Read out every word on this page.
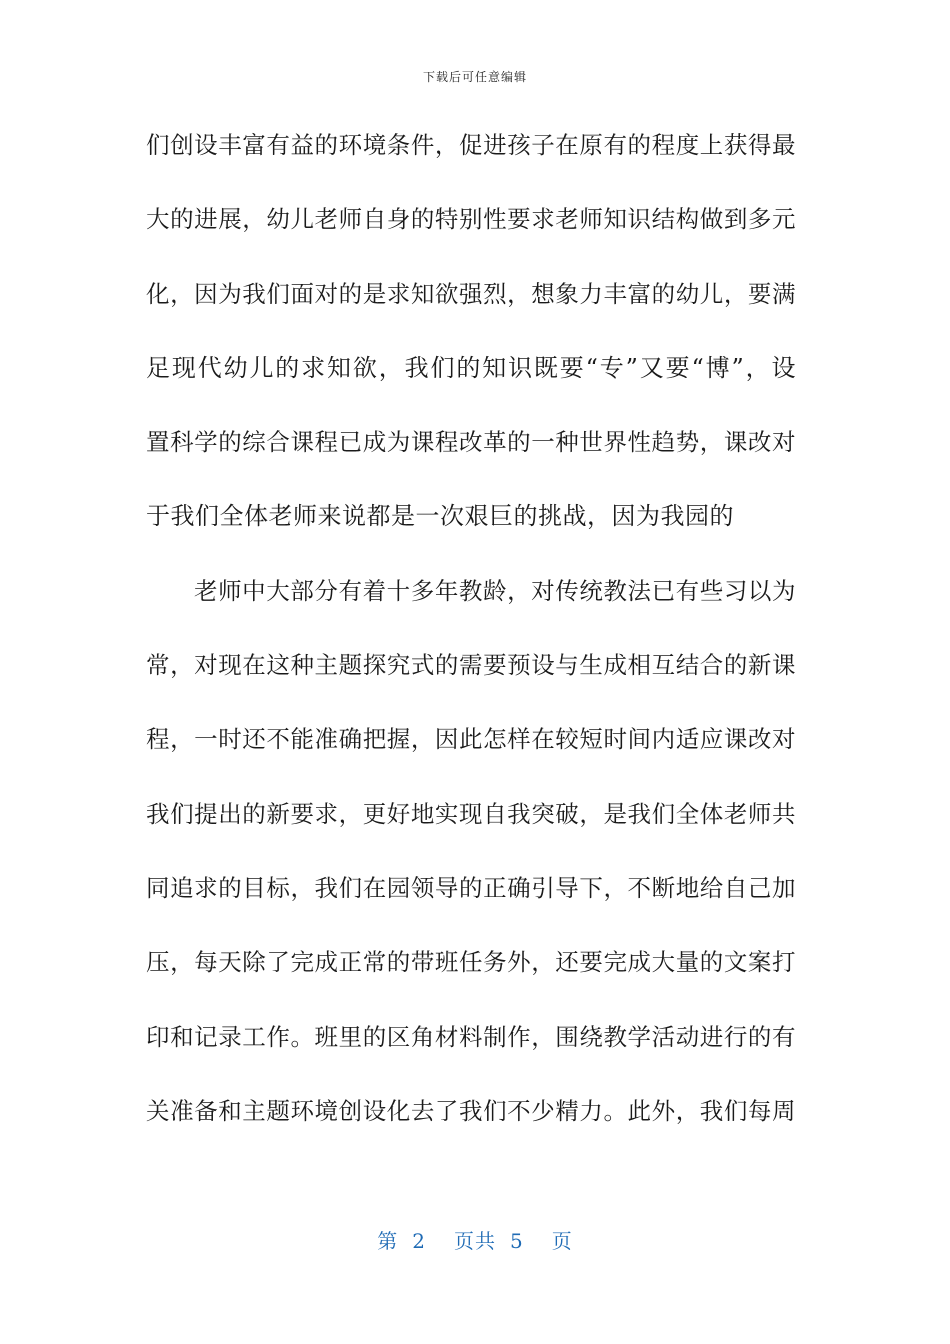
下载后可任意编辑
们创设丰富有益的环境条件，促进孩子在原有的程度上获得最
大的进展，幼儿老师自身的特别性要求老师知识结构做到多元
化，因为我们面对的是求知欲强烈，想象力丰富的幼儿，要满
足现代幼儿的求知欲，我们的知识既要“专”又要“博”，设
置科学的综合课程已成为课程改革的一种世界性趋势，课改对
于我们全体老师来说都是一次艰巨的挑战，因为我园的
老师中大部分有着十多年教龄，对传统教法已有些习以为
常，对现在这种主题探究式的需要预设与生成相互结合的新课
程，一时还不能准确把握，因此怎样在较短时间内适应课改对
我们提出的新要求，更好地实现自我突破，是我们全体老师共
同追求的目标，我们在园领导的正确引导下，不断地给自己加
压，每天除了完成正常的带班任务外，还要完成大量的文案打
印和记录工作。班里的区角材料制作，围绕教学活动进行的有
关准备和主题环境创设化去了我们不少精力。此外，我们每周
第 2 页共 5 页
